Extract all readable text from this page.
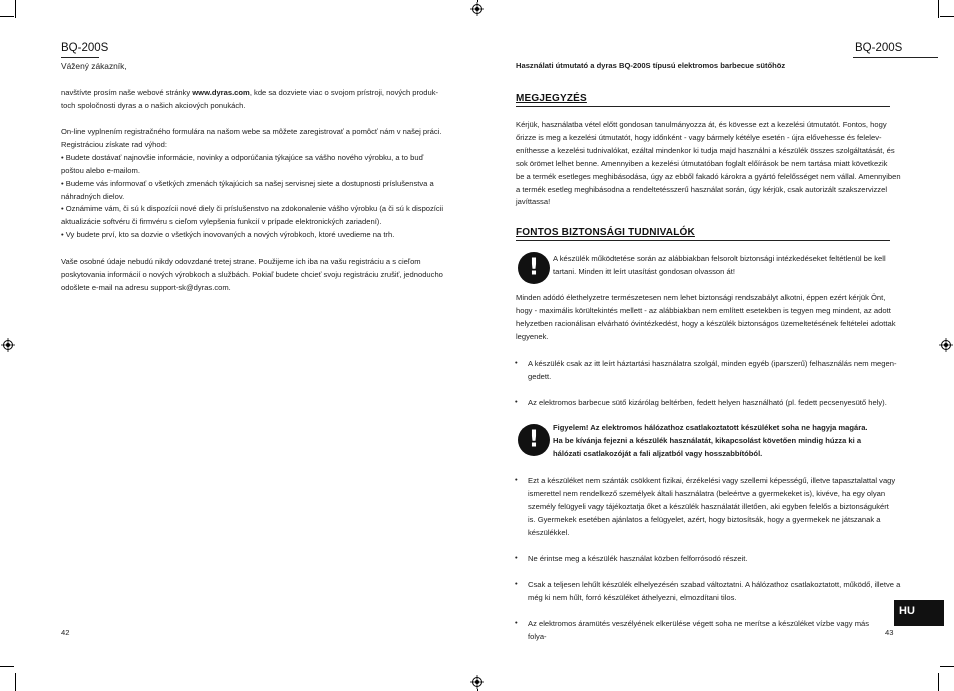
BQ-200S
Vážený zákazník,

navštívte prosím naše webové stránky www.dyras.com, kde sa dozviete viac o svojom prístroji, nových produk-

toch spoločnosti dyras a o našich akciových ponukách.

On-line vyplnením registračného formulára na našom webe sa môžete zaregistrovať a pomôcť nám v našej práci.

Registráciou získate rad výhod:

• Budete dostávať najnovšie informácie, novinky a odporúčania týkajúce sa vášho nového výrobku, a to buď

poštou alebo e-mailom.

• Budeme vás informovať o všetkých zmenách týkajúcich sa našej servisnej siete a dostupnosti príslušenstva a

náhradných dielov.

• Oznámime vám, či sú k dispozícii nové diely či príslušenstvo na zdokonalenie vášho výrobku (a či sú k dispozícii

aktualizácie softvéru či firmvéru s cieľom vylepšenia funkcií v prípade elektronických zariadení).

• Vy budete prví, kto sa dozvie o všetkých inovovaných a nových výrobkoch, ktoré uvedieme na trh.

Vaše osobné údaje nebudú nikdy odovzdané tretej strane. Použijeme ich iba na vašu registráciu a s cieľom

poskytovania informácií o nových výrobkoch a službách. Pokiaľ budete chcieť svoju registráciu zrušiť, jednoducho

odošlete e-mail na adresu support-sk@dyras.com.

42
BQ-200S
Használati útmutató a dyras BQ-200S típusú elektromos barbecue sütőhöz
MEGJEGYZÉS

Kérjük, használatba vétel előtt gondosan tanulmányozza át, és kövesse ezt a kezelési útmutatót. Fontos, hogy

őrizze is meg a kezelési útmutatót, hogy időnként - vagy bármely kétélye esetén - újra elővehesse és felelev-

eníthesse a kezelési tudnivalókat, ezáltal mindenkor ki tudja majd használni a készülék összes szolgáltatását, és

sok örömet lelhet benne. Amennyiben a kezelési útmutatóban foglalt előírások be nem tartása miatt következik

be a termék esetleges meghibásodása, úgy az ebből fakadó károkra a gyártó felelősséget nem vállal. Amennyiben

a termék esetleg meghibásodna a rendeltetésszerű használat során, úgy kérjük, csak autorizált szakszervizzel

javíttassa!

FONTOS BIZTONSÁGI TUDNIVALÓK
! A készülék működtetése során az alábbiakban felsorolt biztonsági intézkedéseket feltétlenül be kell

tartani. Minden itt leírt utasítást gondosan olvasson át!

Minden adódó élethelyzetre természetesen nem lehet biztonsági rendszabályt alkotni, éppen ezért kérjük Önt,

hogy - maximális körültekintés mellett - az alábbiakban nem említett esetekben is tegyen meg mindent, az adott

helyzetben racionálisan elvárható óvintézkedést, hogy a készülék biztonságos üzemeltetésének feltételei adottak

legyenek.

• A készülék csak az itt leírt háztartási használatra szolgál, minden egyéb (iparszerű) felhasználás nem megen-

gedett.

• Az elektromos barbecue sütő kizárólag beltérben, fedett helyen használható (pl. fedett pecsenyesütő hely).

! Figyelem! Az elektromos hálózathoz csatlakoztatott készüléket soha ne hagyja magára.

Ha be kívánja fejezni a készülék használatát, kikapcsolást követően mindig húzza ki a

hálózati csatlakozóját a fali aljzatból vagy hosszabbítóból.

• Ezt a készüléket nem szánták csökkent fizikai, érzékelési vagy szellemi képességű, illetve tapasztalattal vagy

ismerettel nem rendelkező személyek általi használatra (beleértve a gyermekeket is), kivéve, ha egy olyan

személy felügyeli vagy tájékoztatja őket a készülék használatát illetően, aki egyben felelős a biztonságukért

is. Gyermekek esetében ajánlatos a felügyelet, azért, hogy biztosítsák, hogy a gyermekek ne játszanak a

készülékkel.

• Ne érintse meg a készülék használat közben felforrósodó részeit.

• Csak a teljesen lehűlt készülék elhelyezésén szabad változtatni. A hálózathoz csatlakoztatott, működő, illetve a

még ki nem hűlt, forró készüléket áthelyezni, elmozdítani tilos.

• Az elektromos áramütés veszélyének elkerülése végett soha ne merítse a készüléket vízbe vagy más folya-	43
HU
